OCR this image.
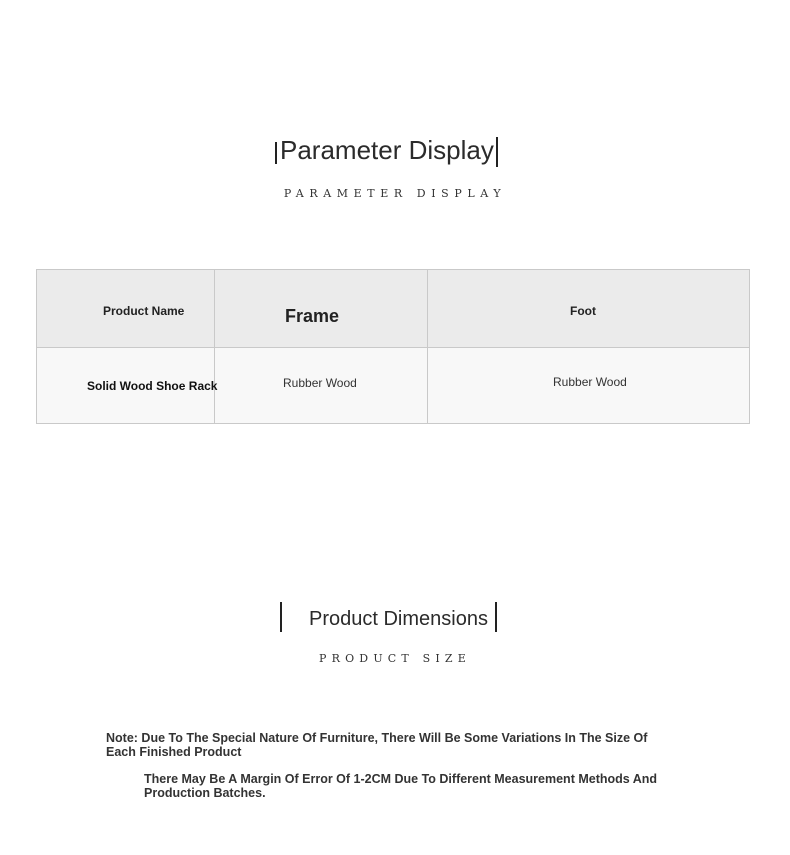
Parameter Display
PARAMETER DISPLAY
Product Name	Frame	Foot
Solid Wood Shoe Rack	Rubber Wood	Rubber Wood
Product Dimensions
PRODUCT SIZE
Note: Due To The Special Nature Of Furniture, There Will Be Some Variations In The Size Of Each Finished Product
There May Be A Margin Of Error Of 1-2CM Due To Different Measurement Methods And Production Batches.
